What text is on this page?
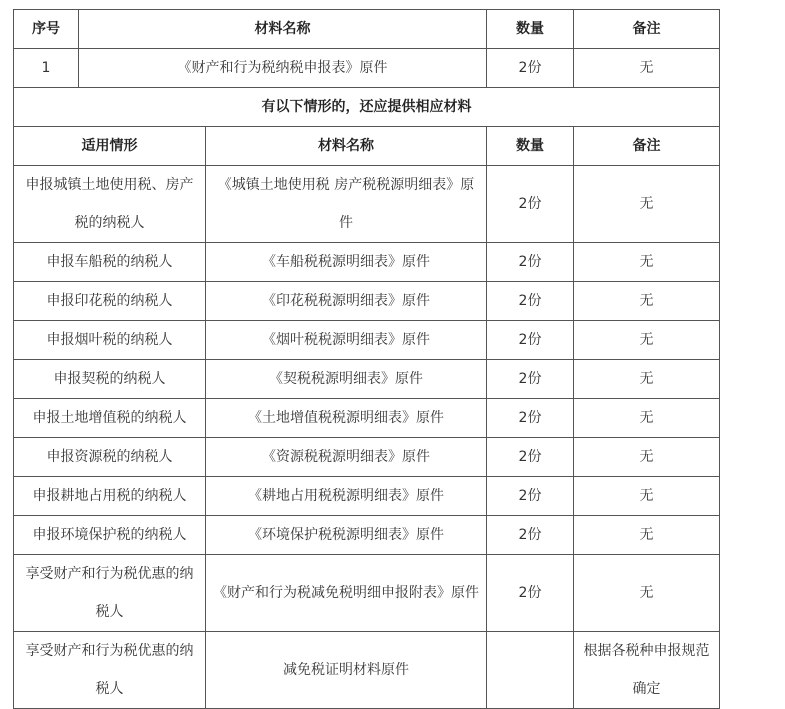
序号	材料名称		数量	备注
1	《财产和行为税纳税申报表》原件		2份	无
有以下情形的，还应提供相应材料				
适用情形		材料名称	数量	备注
申报城镇土地使用税、房产税的纳税人		《城镇土地使用税 房产税税源明细表》原件	2份	无
申报车船税的纳税人		《车船税税源明细表》原件	2份	无
申报印花税的纳税人		《印花税税源明细表》原件	2份	无
申报烟叶税的纳税人		《烟叶税税源明细表》原件	2份	无
申报契税的纳税人		《契税税源明细表》原件	2份	无
申报土地增值税的纳税人		《土地增值税税源明细表》原件	2份	无
申报资源税的纳税人		《资源税税源明细表》原件	2份	无
申报耕地占用税的纳税人		《耕地占用税税源明细表》原件	2份	无
申报环境保护税的纳税人		《环境保护税税源明细表》原件	2份	无
享受财产和行为税优惠的纳税人		《财产和行为税减免税明细申报附表》原件	2份	无
享受财产和行为税优惠的纳税人		减免税证明材料原件		根据各税种申报规范确定
